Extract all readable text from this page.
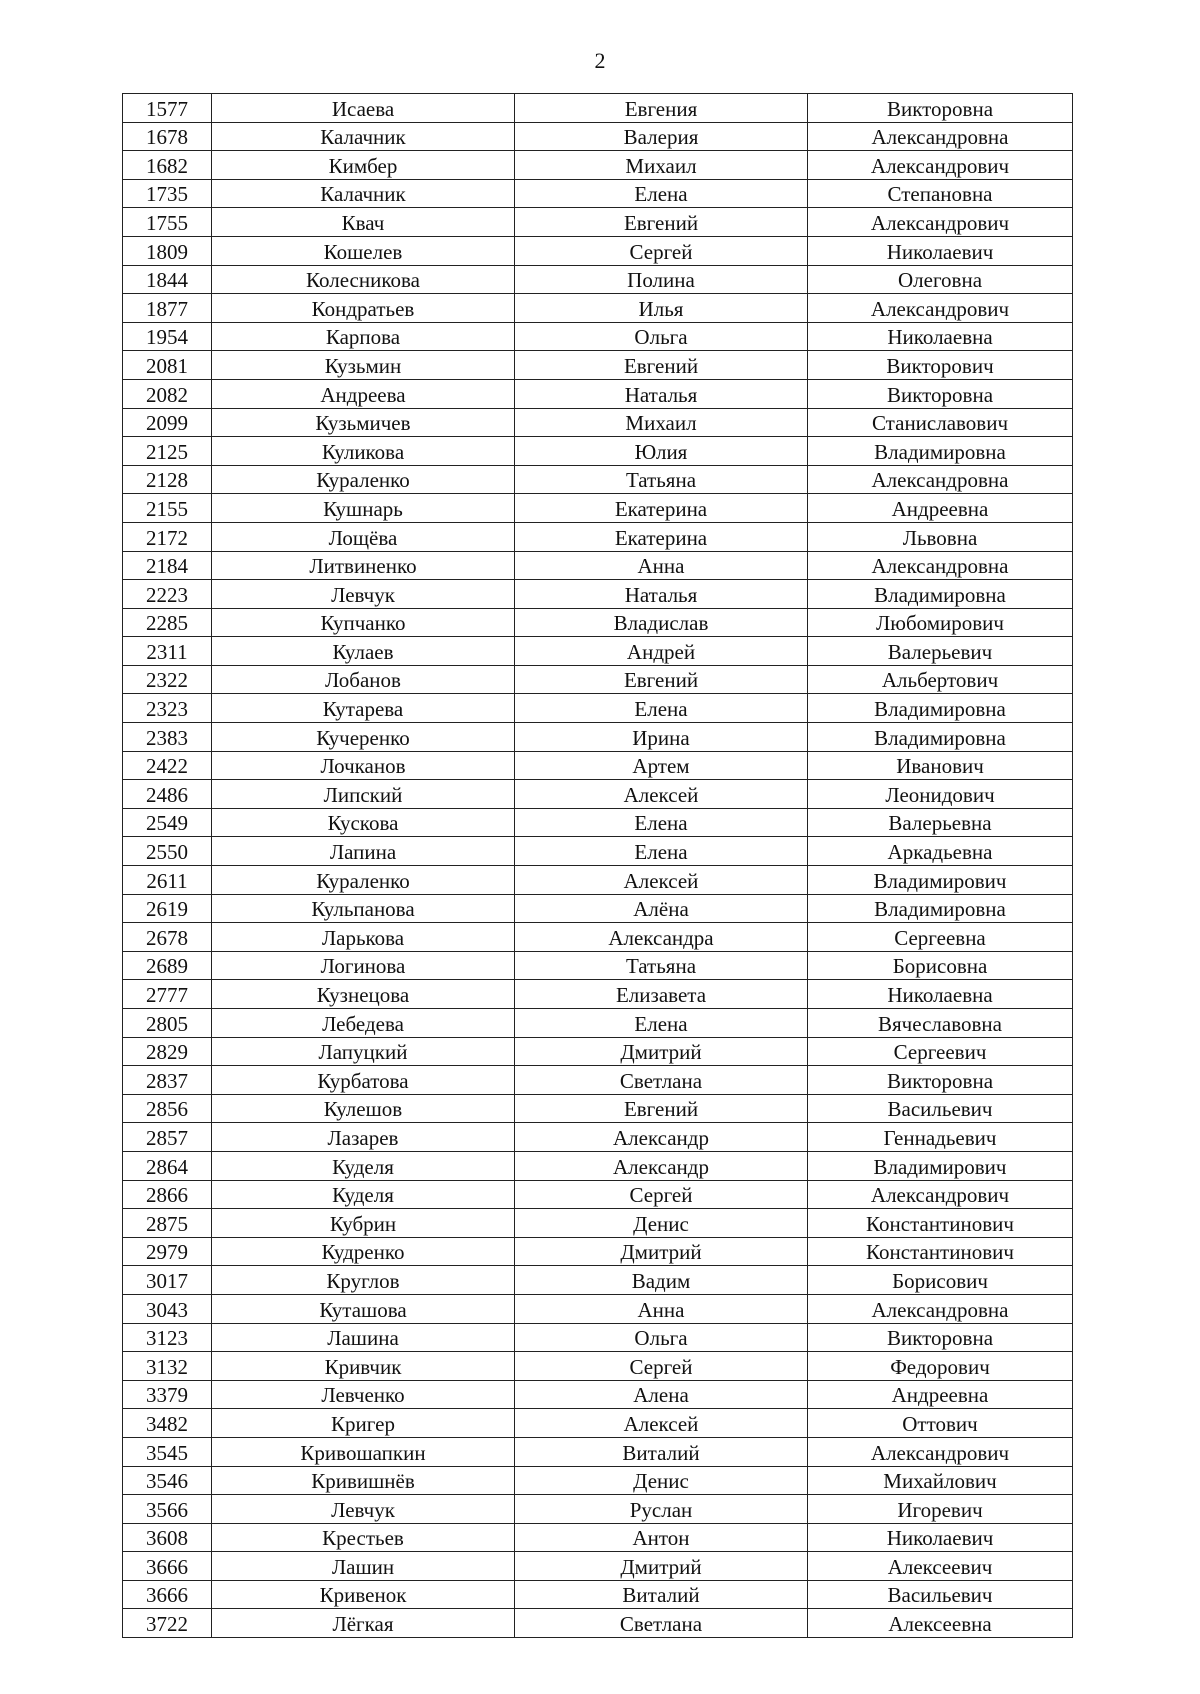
2
1577	Исаева	Евгения	Викторовна
1678	Калачник	Валерия	Александровна
1682	Кимбер	Михаил	Александрович
1735	Калачник	Елена	Степановна
1755	Квач	Евгений	Александрович
1809	Кошелев	Сергей	Николаевич
1844	Колесникова	Полина	Олеговна
1877	Кондратьев	Илья	Александрович
1954	Карпова	Ольга	Николаевна
2081	Кузьмин	Евгений	Викторович
2082	Андреева	Наталья	Викторовна
2099	Кузьмичев	Михаил	Станиславович
2125	Куликова	Юлия	Владимировна
2128	Кураленко	Татьяна	Александровна
2155	Кушнарь	Екатерина	Андреевна
2172	Лощёва	Екатерина	Львовна
2184	Литвиненко	Анна	Александровна
2223	Левчук	Наталья	Владимировна
2285	Купчанко	Владислав	Любомирович
2311	Кулаев	Андрей	Валерьевич
2322	Лобанов	Евгений	Альбертович
2323	Кутарева	Елена	Владимировна
2383	Кучеренко	Ирина	Владимировна
2422	Лочканов	Артем	Иванович
2486	Липский	Алексей	Леонидович
2549	Кускова	Елена	Валерьевна
2550	Лапина	Елена	Аркадьевна
2611	Кураленко	Алексей	Владимирович
2619	Кульпанова	Алёна	Владимировна
2678	Ларькова	Александра	Сергеевна
2689	Логинова	Татьяна	Борисовна
2777	Кузнецова	Елизавета	Николаевна
2805	Лебедева	Елена	Вячеславовна
2829	Лапуцкий	Дмитрий	Сергеевич
2837	Курбатова	Светлана	Викторовна
2856	Кулешов	Евгений	Васильевич
2857	Лазарев	Александр	Геннадьевич
2864	Куделя	Александр	Владимирович
2866	Куделя	Сергей	Александрович
2875	Кубрин	Денис	Константинович
2979	Кудренко	Дмитрий	Константинович
3017	Круглов	Вадим	Борисович
3043	Куташова	Анна	Александровна
3123	Лашина	Ольга	Викторовна
3132	Кривчик	Сергей	Федорович
3379	Левченко	Алена	Андреевна
3482	Кригер	Алексей	Оттович
3545	Кривошапкин	Виталий	Александрович
3546	Кривишнёв	Денис	Михайлович
3566	Левчук	Руслан	Игоревич
3608	Крестьев	Антон	Николаевич
3666	Лашин	Дмитрий	Алексеевич
3666	Кривенок	Виталий	Васильевич
3722	Лёгкая	Светлана	Алексеевна
